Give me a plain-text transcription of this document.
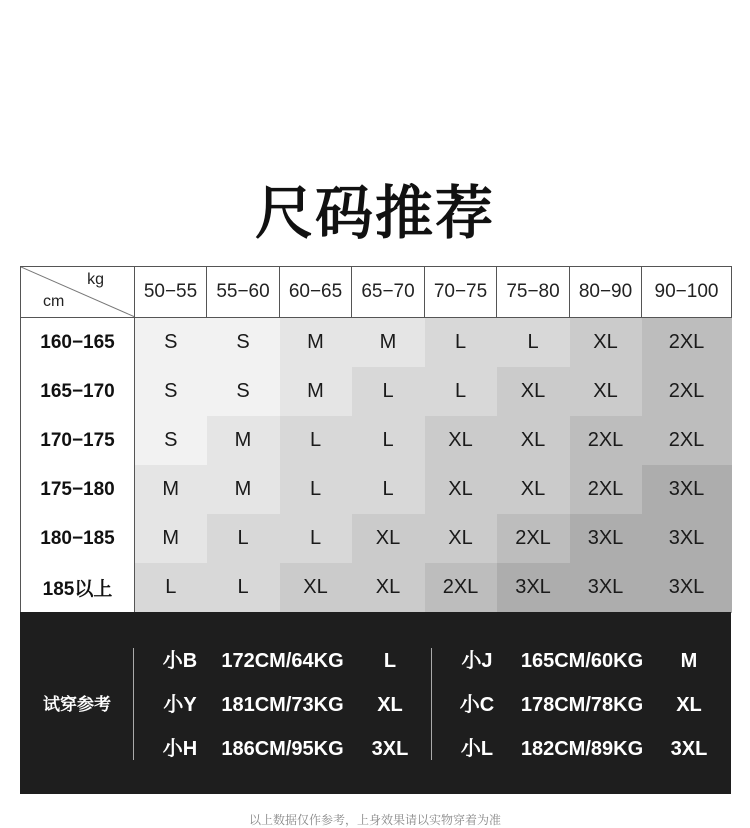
尺码推荐
kg
cm	50−55	55−60	60−65	65−70	70−75	75−80	80−90	90−100
160−165	S	S	M	M	L	L	XL	2XL
165−170	S	S	M	L	L	XL	XL	2XL
170−175	S	M	L	L	XL	XL	2XL	2XL
175−180	M	M	L	L	XL	XL	2XL	3XL
180−185	M	L	L	XL	XL	2XL	3XL	3XL
185以上	L	L	XL	XL	2XL	3XL	3XL	3XL
试穿参考
小B	172CM/64KG	L
小Y	181CM/73KG	XL
小H	186CM/95KG	3XL
小J	165CM/60KG	M
小C	178CM/78KG	XL
小L	182CM/89KG	3XL
以上数据仅作参考，上身效果请以实物穿着为准
